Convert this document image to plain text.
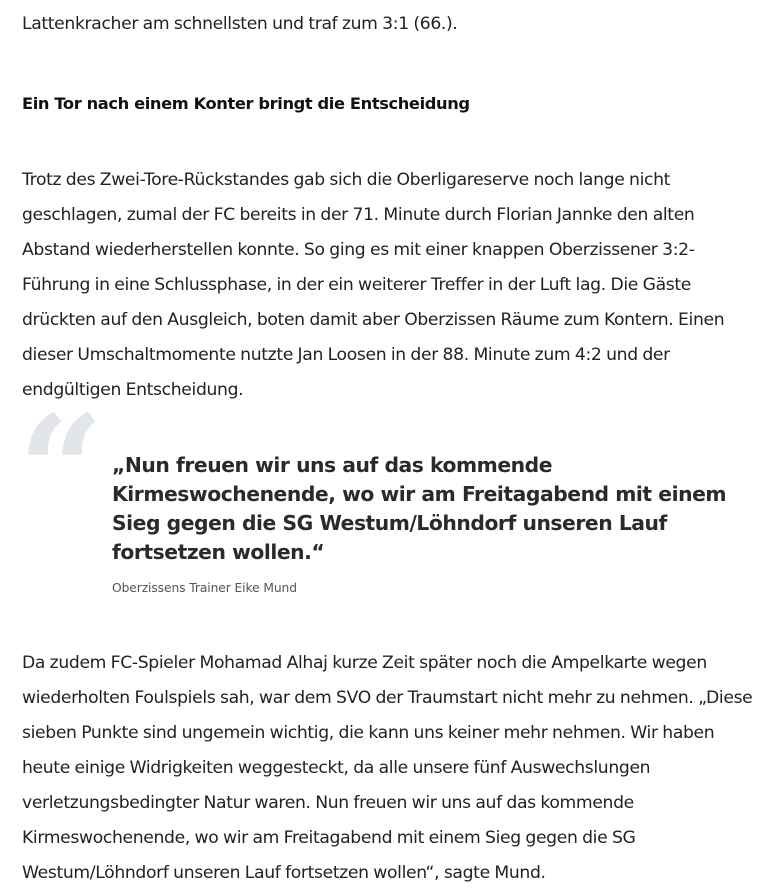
Lattenkracher am schnellsten und traf zum 3:1 (66.).

Ein Tor nach einem Konter bringt die Entscheidung

Trotz des Zwei-Tore-Rückstandes gab sich die Oberligareserve noch lange nicht geschlagen, zumal der FC bereits in der 71. Minute durch Florian Jannke den alten Abstand wiederherstellen konnte. So ging es mit einer knappen Oberzissener 3:2-Führung in eine Schlussphase, in der ein weiterer Treffer in der Luft lag. Die Gäste drückten auf den Ausgleich, boten damit aber Oberzissen Räume zum Kontern. Einen dieser Umschaltmomente nutzte Jan Loosen in der 88. Minute zum 4:2 und der endgültigen Entscheidung.

“ „Nun freuen wir uns auf das kommende Kirmeswochenende, wo wir am Freitagabend mit einem Sieg gegen die SG Westum/Löhndorf unseren Lauf fortsetzen wollen.“

Oberzissens Trainer Eike Mund

Da zudem FC-Spieler Mohamad Alhaj kurze Zeit später noch die Ampelkarte wegen wiederholten Foulspiels sah, war dem SVO der Traumstart nicht mehr zu nehmen. „Diese sieben Punkte sind ungemein wichtig, die kann uns keiner mehr nehmen. Wir haben heute einige Widrigkeiten weggesteckt, da alle unsere fünf Auswechslungen verletzungsbedingter Natur waren. Nun freuen wir uns auf das kommende Kirmeswochenende, wo wir am Freitagabend mit einem Sieg gegen die SG Westum/Löhndorf unseren Lauf fortsetzen wollen“, sagte Mund.
